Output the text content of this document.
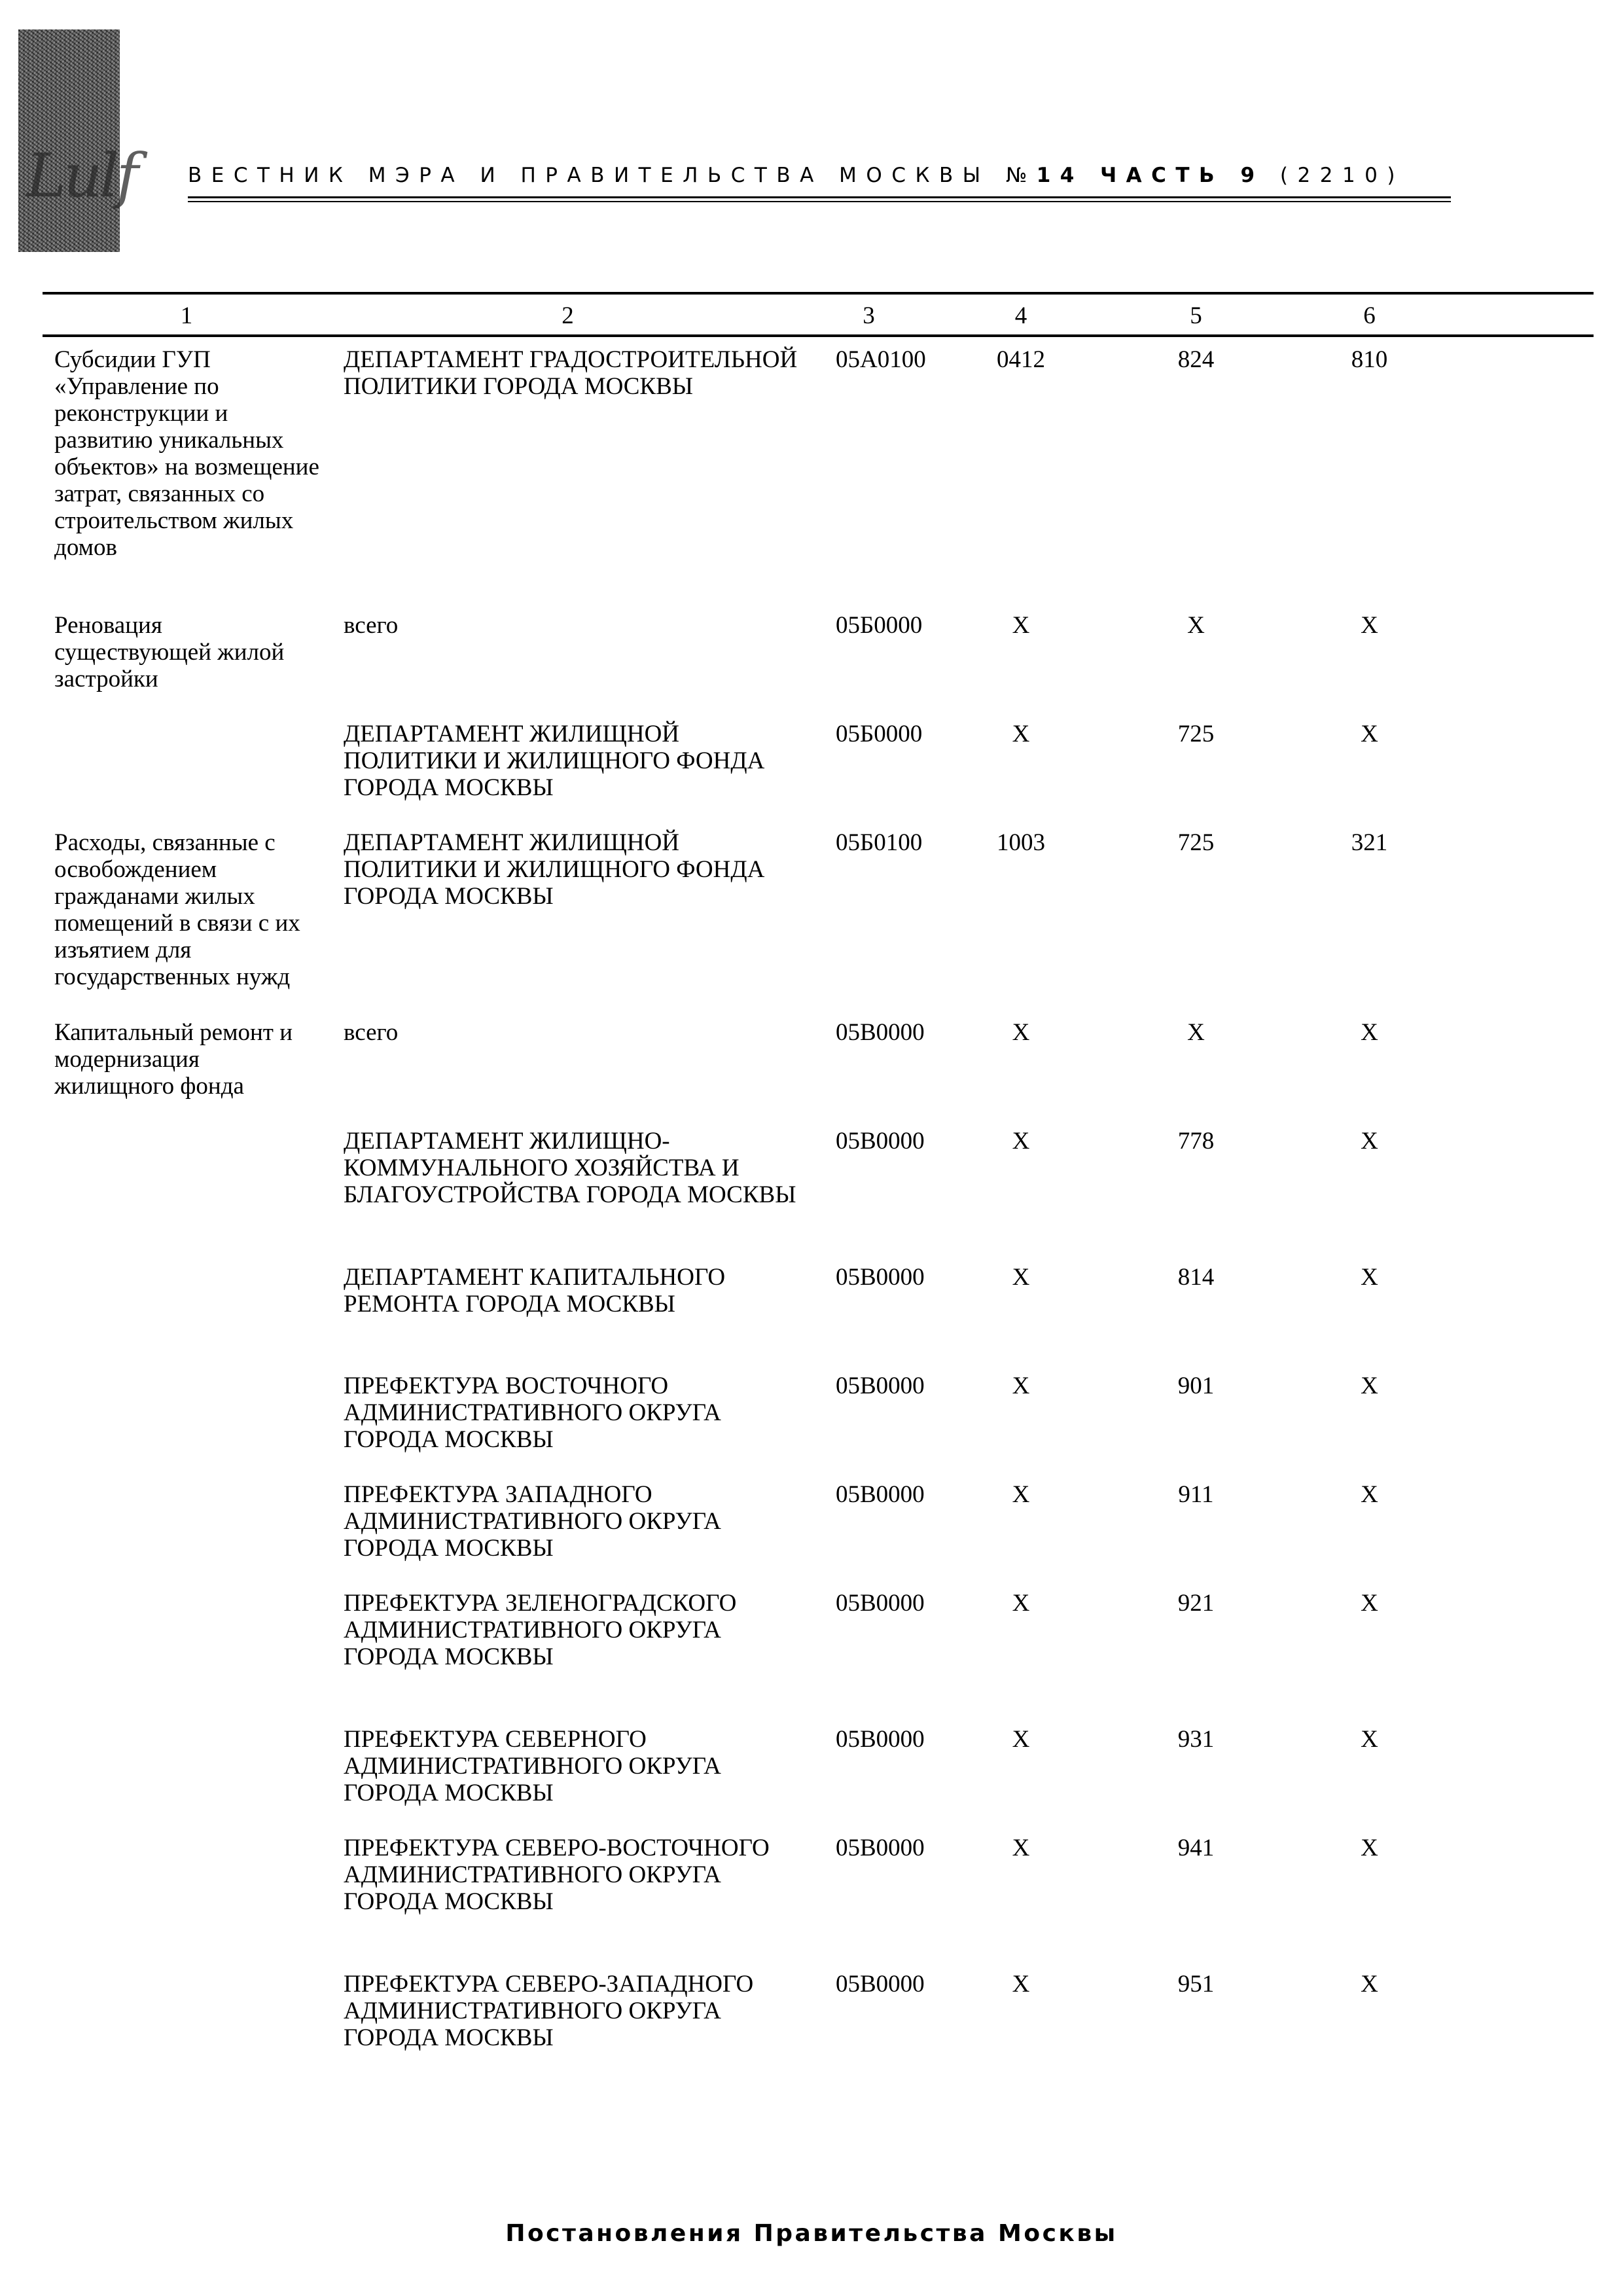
Lulf	ВЕСТНИК МЭРА И ПРАВИТЕЛЬСТВА МОСКВЫ №14 ЧАСТЬ 9 (2210)
1	2	3	4	5	6	
Субсидии ГУП «Управление по реконструкции и развитию уникальных объектов» на возмещение затрат, связанных со строительством жилых домов	ДЕПАРТАМЕНТ ГРАДОСТРОИТЕЛЬНОЙ ПОЛИТИКИ ГОРОДА МОСКВЫ	05А0100	0412	824	810	
Реновация существующей жилой застройки	всего	05Б0000	Х	Х	Х	
	ДЕПАРТАМЕНТ ЖИЛИЩНОЙ ПОЛИТИКИ И ЖИЛИЩНОГО ФОНДА ГОРОДА МОСКВЫ	05Б0000	Х	725	Х	
Расходы, связанные с освобождением гражданами жилых помещений в связи с их изъятием для государственных нужд	ДЕПАРТАМЕНТ ЖИЛИЩНОЙ ПОЛИТИКИ И ЖИЛИЩНОГО ФОНДА ГОРОДА МОСКВЫ	05Б0100	1003	725	321	
Капитальный ремонт и модернизация жилищного фонда	всего	05В0000	Х	Х	Х	
	ДЕПАРТАМЕНТ ЖИЛИЩНО-КОММУНАЛЬНОГО ХОЗЯЙСТВА И БЛАГОУСТРОЙСТВА ГОРОДА МОСКВЫ	05В0000	Х	778	Х	
	ДЕПАРТАМЕНТ КАПИТАЛЬНОГО РЕМОНТА ГОРОДА МОСКВЫ	05В0000	Х	814	Х	
	ПРЕФЕКТУРА ВОСТОЧНОГО АДМИНИСТРАТИВНОГО ОКРУГА ГОРОДА МОСКВЫ	05В0000	Х	901	Х	
	ПРЕФЕКТУРА ЗАПАДНОГО АДМИНИСТРАТИВНОГО ОКРУГА ГОРОДА МОСКВЫ	05В0000	Х	911	Х	
	ПРЕФЕКТУРА ЗЕЛЕНОГРАДСКОГО АДМИНИСТРАТИВНОГО ОКРУГА ГОРОДА МОСКВЫ	05В0000	Х	921	Х	
	ПРЕФЕКТУРА СЕВЕРНОГО АДМИНИСТРАТИВНОГО ОКРУГА ГОРОДА МОСКВЫ	05В0000	Х	931	Х	
	ПРЕФЕКТУРА СЕВЕРО-ВОСТОЧНОГО АДМИНИСТРАТИВНОГО ОКРУГА ГОРОДА МОСКВЫ	05В0000	Х	941	Х	
	ПРЕФЕКТУРА СЕВЕРО-ЗАПАДНОГО АДМИНИСТРАТИВНОГО ОКРУГА ГОРОДА МОСКВЫ	05В0000	Х	951	Х	
Постановления Правительства Москвы
